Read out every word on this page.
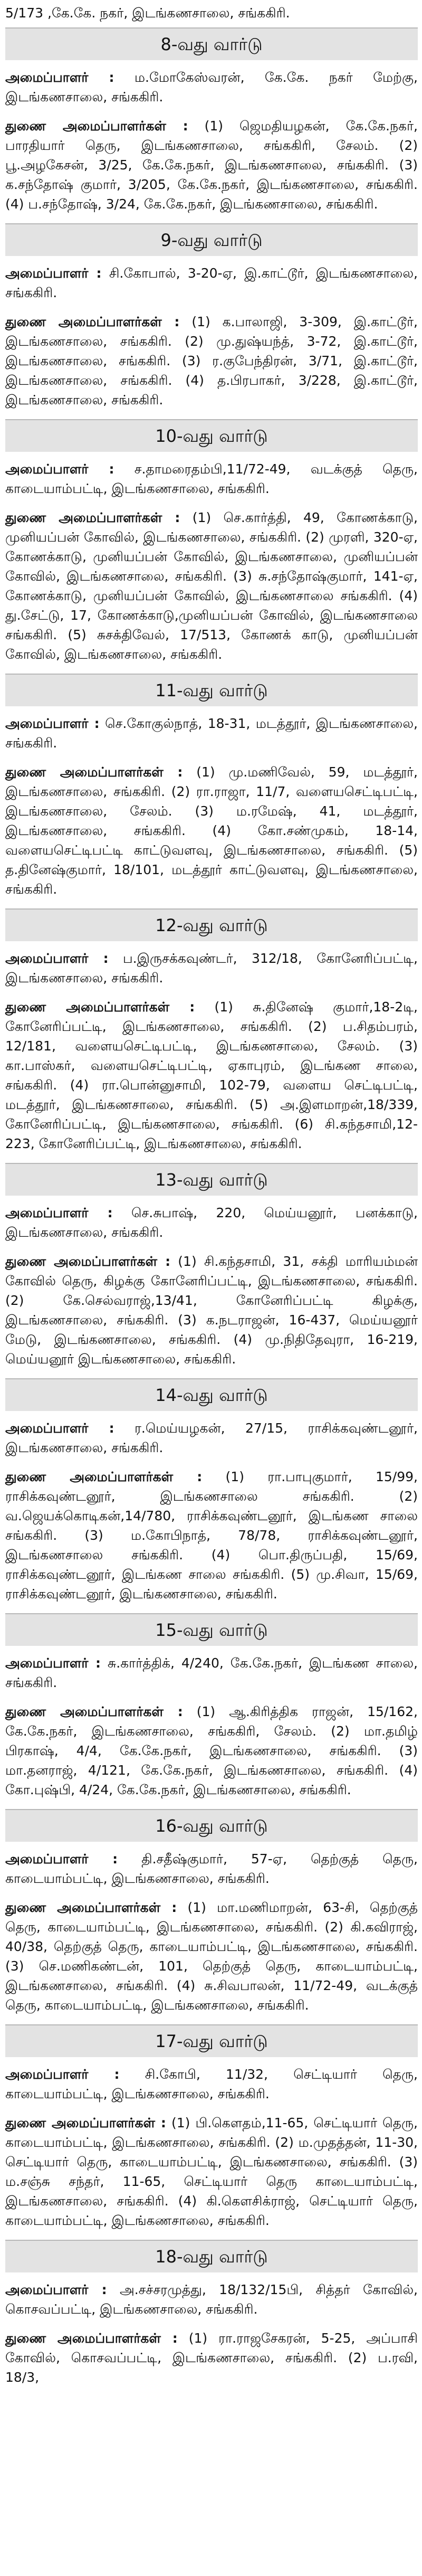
5/173 ,கே.கே. நகர், இடங்கணசாலை, சங்ககிரி.
8-வது வார்டு

அமைப்பாளர் : ம.மோகேஸ்வரன், கே.கே. நகர் மேற்கு, இடங்கணசாலை, சங்ககிரி.

துணை அமைப்பாளர்கள் : (1) ஜெமதியழகன், கே.கே.நகர், பாரதியார் தெரு, இடங்கணசாலை, சங்ககிரி, சேலம். (2) பூ.அழகேசன், 3/25, கே.கே.நகர், இடங்கணசாலை, சங்ககிரி. (3) க.சந்தோஷ் குமார், 3/205, கே.கே.நகர், இடங்கணசாலை, சங்ககிரி. (4) ப.சந்தோஷ், 3/24, கே.கே.நகர், இடங்கணசாலை, சங்ககிரி.

9-வது வார்டு

அமைப்பாளர் : சி.கோபால், 3-20-ஏ, இ.காட்டூர், இடங்கணசாலை, சங்ககிரி.

துணை அமைப்பாளர்கள் : (1) க.பாலாஜி, 3-309, இ.காட்டூர், இடங்கணசாலை, சங்ககிரி. (2) மு.துஷ்யந்த், 3-72, இ.காட்டூர், இடங்கணசாலை, சங்ககிரி. (3) ர.குபேந்திரன், 3/71, இ.காட்டூர், இடங்கணசாலை, சங்ககிரி. (4) த.பிரபாகர், 3/228, இ.காட்டூர், இடங்கணசாலை, சங்ககிரி.

10-வது வார்டு

அமைப்பாளர் : ச.தாமரைதம்பி,11/72-49, வடக்குத் தெரு, காடையாம்பட்டி, இடங்கணசாலை, சங்ககிரி.

துணை அமைப்பாளர்கள் : (1) செ.கார்த்தி, 49, கோணக்காடு, முனியப்பன் கோவில், இடங்கணசாலை, சங்ககிரி. (2) முரளி, 320-ஏ, கோணக்காடு, முனியப்பன் கோவில், இடங்கணசாலை, முனியப்பன் கோவில், இடங்கணசாலை, சங்ககிரி. (3) சு.சந்தோஷ்குமார், 141-ஏ, கோணக்காடு, முனியப்பன் கோவில், இடங்கணசாலை சங்ககிரி. (4) து.சேட்டு, 17, கோணக்காடு,முனியப்பன் கோவில், இடங்கணசாலை சங்ககிரி. (5) சுசக்திவேல், 17/513, கோணக் காடு, முனியப்பன் கோவில், இடங்கணசாலை, சங்ககிரி.

11-வது வார்டு

அமைப்பாளர் : செ.கோகுல்நாத், 18-31, மடத்தூர், இடங்கணசாலை, சங்ககிரி.

துணை அமைப்பாளர்கள் : (1) மு.மணிவேல், 59, மடத்தூர், இடங்கணசாலை, சங்ககிரி. (2) ரா.ராஜா, 11/7, வளையசெட்டிபட்டி, இடங்கணசாலை, சேலம். (3) ம.ரமேஷ், 41, மடத்தூர், இடங்கணசாலை, சங்ககிரி. (4) கோ.சண்முகம், 18-14, வளையசெட்டிபட்டி காட்டுவளவு, இடங்கணசாலை, சங்ககிரி. (5) த.தினேஷ்குமார், 18/101, மடத்தூர் காட்டுவளவு, இடங்கணசாலை, சங்ககிரி.

12-வது வார்டு

அமைப்பாளர் : ப.இருசக்கவுண்டர், 312/18, கோனேரிப்பட்டி, இடங்கணசாலை, சங்ககிரி.

துணை அமைப்பாளர்கள் : (1) சு.தினேஷ் குமார்,18-2டி, கோனேரிப்பட்டி, இடங்கணசாலை, சங்ககிரி. (2) ப.சிதம்பரம், 12/181, வளையசெட்டிபட்டி, இடங்கணசாலை, சேலம். (3) கா.பாஸ்கர், வளையசெட்டிபட்டி, ஏகாபுரம், இடங்கண சாலை, சங்ககிரி. (4) ரா.பொன்னுசாமி, 102-79, வளைய செட்டிபட்டி, மடத்தூர், இடங்கணசாலை, சங்ககிரி. (5) அ.இளமாறன்,18/339, கோனேரிப்பட்டி, இடங்கணசாலை, சங்ககிரி. (6) சி.கந்தசாமி,12-223, கோனேரிப்பட்டி, இடங்கணசாலை, சங்ககிரி.

13-வது வார்டு

அமைப்பாளர் : செ.சுபாஷ், 220, மெய்யனூர், பனக்காடு, இடங்கணசாலை, சங்ககிரி.

துணை அமைப்பாளர்கள் : (1) சி.கந்தசாமி, 31, சக்தி மாரியம்மன் கோவில் தெரு, கிழக்கு கோனேரிப்பட்டி, இடங்கணசாலை, சங்ககிரி. (2) கே.செல்வராஜ்,13/41, கோனேரிப்பட்டி கிழக்கு, இடங்கணசாலை, சங்ககிரி. (3) க.நடராஜன், 16-437, மெய்யனூர் மேடு, இடங்கணசாலை, சங்ககிரி. (4) மு.நிதிதேவுரா, 16-219, மெய்யனூர் இடங்கணசாலை, சங்ககிரி.

14-வது வார்டு

அமைப்பாளர் : ர.மெய்யழகன், 27/15, ராசிக்கவுண்டனூர், இடங்கணசாலை, சங்ககிரி.

துணை அமைப்பாளர்கள் : (1) ரா.பாபுகுமார், 15/99, ராசிக்கவுண்டனூர், இடங்கணசாலை சங்ககிரி. (2) வ.ஜெயக்கொடிகன்,14/780, ராசிக்கவுண்டனூர், இடங்கண சாலை சங்ககிரி. (3) ம.கோபிநாத், 78/78, ராசிக்கவுண்டனூர், இடங்கணசாலை சங்ககிரி. (4) பொ.திருப்பதி, 15/69, ராசிக்கவுண்டனூர், இடங்கண சாலை சங்ககிரி. (5) மு.சிவா, 15/69, ராசிக்கவுண்டனூர், இடங்கணசாலை, சங்ககிரி.

15-வது வார்டு

அமைப்பாளர் : சு.கார்த்திக், 4/240, கே.கே.நகர், இடங்கண சாலை, சங்ககிரி.

துணை அமைப்பாளர்கள் : (1) ஆ.கிரித்திக ராஜன், 15/162, கே.கே.நகர், இடங்கணசாலை, சங்ககிரி, சேலம். (2) மா.தமிழ் பிரகாஷ், 4/4, கே.கே.நகர், இடங்கணசாலை, சங்ககிரி. (3) மா.தனராஜ், 4/121, கே.கே.நகர், இடங்கணசாலை, சங்ககிரி. (4) கோ.புஷ்பி, 4/24, கே.கே.நகர், இடங்கணசாலை, சங்ககிரி.

16-வது வார்டு

அமைப்பாளர் : தி.சதீஷ்குமார், 57-ஏ, தெற்குத் தெரு, காடையாம்பட்டி, இடங்கணசாலை, சங்ககிரி.

துணை அமைப்பாளர்கள் : (1) மா.மணிமாறன், 63-சி, தெற்குத் தெரு, காடையாம்பட்டி, இடங்கணசாலை, சங்ககிரி. (2) கி.கவிராஜ், 40/38, தெற்குத் தெரு, காடையாம்பட்டி, இடங்கணசாலை, சங்ககிரி. (3) செ.மணிகண்டன், 101, தெற்குத் தெரு, காடையாம்பட்டி, இடங்கணசாலை, சங்ககிரி. (4) சு.சிவபாலன், 11/72-49, வடக்குத் தெரு, காடையாம்பட்டி, இடங்கணசாலை, சங்ககிரி.

17-வது வார்டு

அமைப்பாளர் : சி.கோபி, 11/32, செட்டியார் தெரு, காடையாம்பட்டி, இடங்கணசாலை, சங்ககிரி.

துணை அமைப்பாளர்கள் : (1) பி.கௌதம்,11-65, செட்டியார் தெரு, காடையாம்பட்டி, இடங்கணசாலை, சங்ககிரி. (2) ம.முதத்தன், 11-30, செட்டியார் தெரு, காடையாம்பட்டி, இடங்கணசாலை, சங்ககிரி. (3) ம.சஞ்சு சந்தர், 11-65, செட்டியார் தெரு காடையாம்பட்டி, இடங்கணசாலை, சங்ககிரி. (4) கி.கௌசிக்ராஜ், செட்டியார் தெரு, காடையாம்பட்டி, இடங்கணசாலை, சங்ககிரி.

18-வது வார்டு

அமைப்பாளர் : அ.சச்சரமுத்து, 18/132/15பி, சித்தர் கோவில், கொசவப்பட்டி, இடங்கணசாலை, சங்ககிரி.

துணை அமைப்பாளர்கள் : (1) ரா.ராஜசேகரன், 5-25, அப்பாசி கோவில், கொசவப்பட்டி, இடங்கணசாலை, சங்ககிரி. (2) ப.ரவி, 18/3,
